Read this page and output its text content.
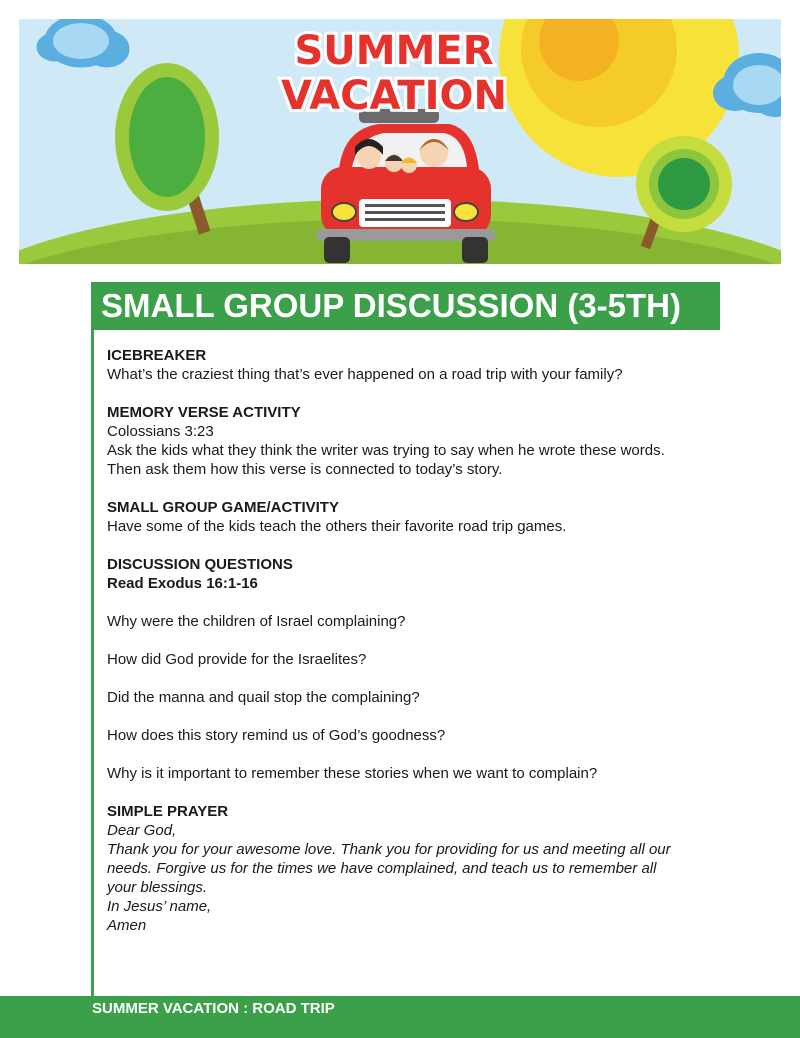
SUMMER
VACATION
SMALL GROUP DISCUSSION (3-5TH)
ICEBREAKER
What’s the craziest thing that’s ever happened on a road trip with your family?
MEMORY VERSE ACTIVITY
Colossians 3:23
Ask the kids what they think the writer was trying to say when he wrote these words.
Then ask them how this verse is connected to today’s story.
SMALL GROUP GAME/ACTIVITY
Have some of the kids teach the others their favorite road trip games.
DISCUSSION QUESTIONS
Read Exodus 16:1-16
Why were the children of Israel complaining?
How did God provide for the Israelites?
Did the manna and quail stop the complaining?
How does this story remind us of God’s goodness?
Why is it important to remember these stories when we want to complain?
SIMPLE PRAYER
Dear God,
Thank you for your awesome love. Thank you for providing for us and meeting all our
needs. Forgive us for the times we have complained, and teach us to remember all
your blessings.
In Jesus’ name,
Amen
SUMMER VACATION : ROAD TRIP
